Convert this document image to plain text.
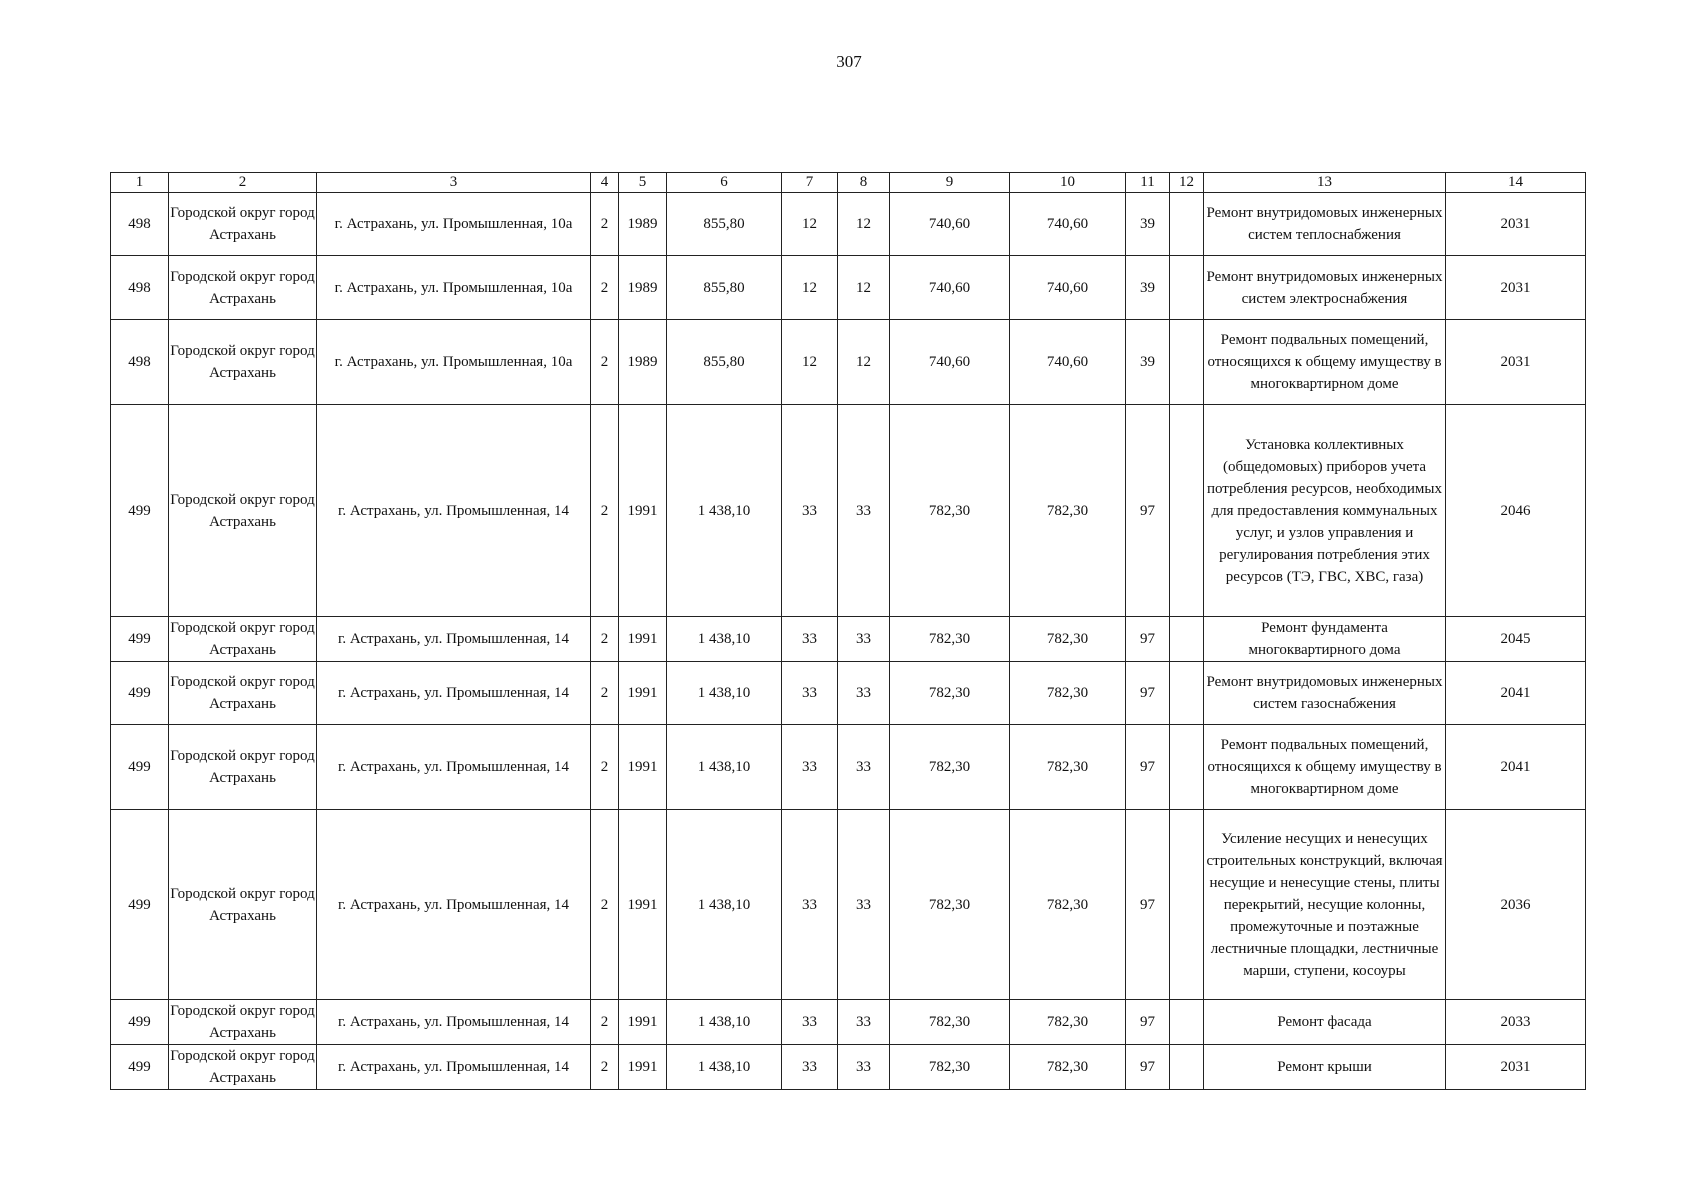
307
1	2	3	4	5	6	7	8	9	10	11	12	13	14
498	Городской округ город Астрахань	г. Астрахань, ул. Промышленная, 10а	2	1989	855,80	12	12	740,60	740,60	39		Ремонт внутридомовых инженерных систем теплоснабжения	2031
498	Городской округ город Астрахань	г. Астрахань, ул. Промышленная, 10а	2	1989	855,80	12	12	740,60	740,60	39		Ремонт внутридомовых инженерных систем электроснабжения	2031
498	Городской округ город Астрахань	г. Астрахань, ул. Промышленная, 10а	2	1989	855,80	12	12	740,60	740,60	39		Ремонт подвальных помещений, относящихся к общему имуществу в многоквартирном доме	2031
499	Городской округ город Астрахань	г. Астрахань, ул. Промышленная, 14	2	1991	1 438,10	33	33	782,30	782,30	97		Установка коллективных (общедомовых) приборов учета потребления ресурсов, необходимых для предоставления коммунальных услуг, и узлов управления и регулирования потребления этих ресурсов (ТЭ, ГВС, ХВС, газа)	2046
499	Городской округ город Астрахань	г. Астрахань, ул. Промышленная, 14	2	1991	1 438,10	33	33	782,30	782,30	97		Ремонт фундамента многоквартирного дома	2045
499	Городской округ город Астрахань	г. Астрахань, ул. Промышленная, 14	2	1991	1 438,10	33	33	782,30	782,30	97		Ремонт внутридомовых инженерных систем газоснабжения	2041
499	Городской округ город Астрахань	г. Астрахань, ул. Промышленная, 14	2	1991	1 438,10	33	33	782,30	782,30	97		Ремонт подвальных помещений, относящихся к общему имуществу в многоквартирном доме	2041
499	Городской округ город Астрахань	г. Астрахань, ул. Промышленная, 14	2	1991	1 438,10	33	33	782,30	782,30	97		Усиление несущих и ненесущих строительных конструкций, включая несущие и ненесущие стены, плиты перекрытий, несущие колонны, промежуточные и поэтажные лестничные площадки, лестничные марши, ступени, косоуры	2036
499	Городской округ город Астрахань	г. Астрахань, ул. Промышленная, 14	2	1991	1 438,10	33	33	782,30	782,30	97		Ремонт фасада	2033
499	Городской округ город Астрахань	г. Астрахань, ул. Промышленная, 14	2	1991	1 438,10	33	33	782,30	782,30	97		Ремонт крыши	2031
